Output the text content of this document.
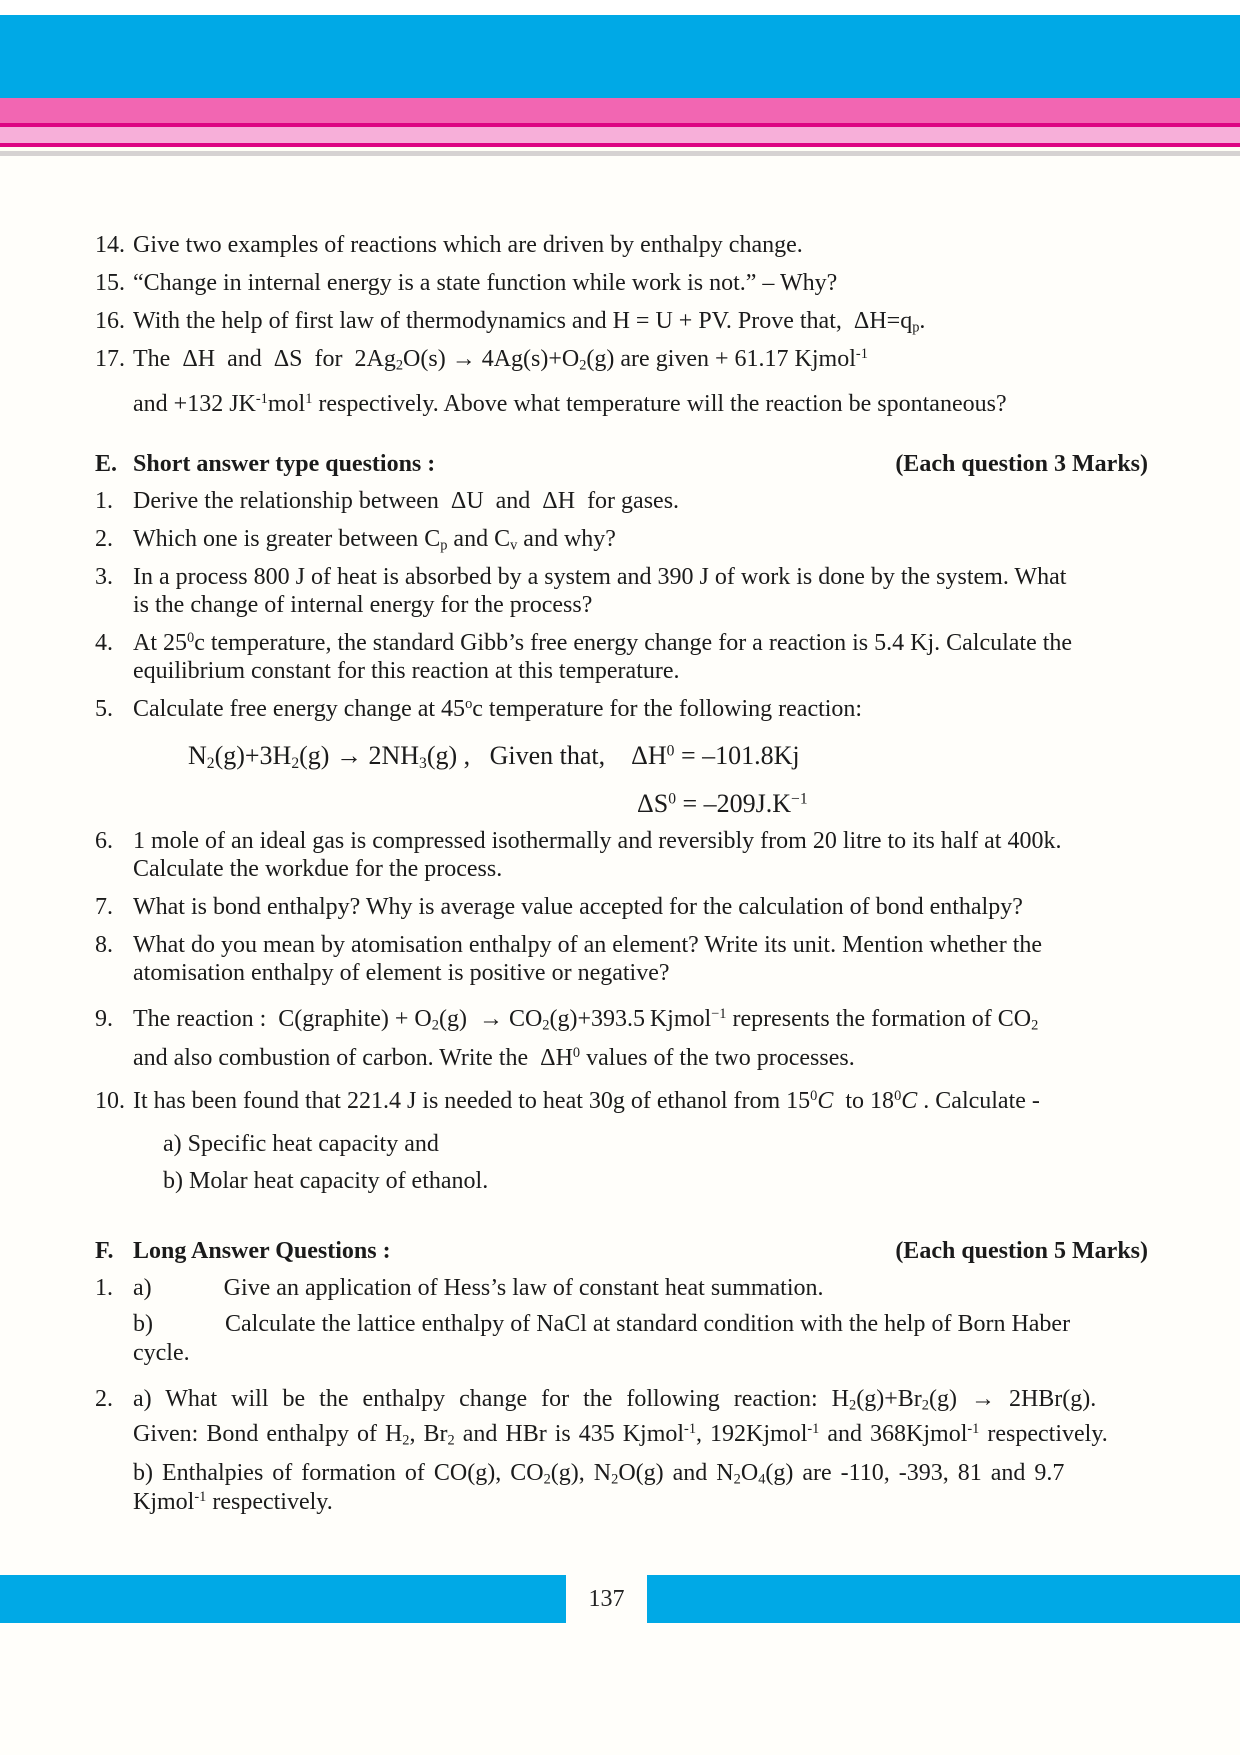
14. Give two examples of reactions which are driven by enthalpy change.
15. “Change in internal energy is a state function while work is not.” – Why?
16. With the help of first law of thermodynamics and H = U + PV. Prove that,  $\Delta H=q_p$.
17. The  ΔH  and  ΔS  for  $2Ag_2O(s) \to 4Ag(s)+O_2(g)$ are given + 61.17 Kjmol$^{-1}$
and +132 $JK^{-1}mol^1$ respectively. Above what temperature will the reaction be spontaneous?
E. Short answer type questions :	(Each question 3 Marks)
1. Derive the relationship between  ΔU  and  ΔH  for gases.
2. Which one is greater between $C_p$ and $C_v$ and why?
3. In a process 800 J of heat is absorbed by a system and 390 J of work is done by the system. What
is the change of internal energy for the process?
4. At $25^0c$ temperature, the standard Gibb’s free energy change for a reaction is 5.4 Kj. Calculate the
equilibrium constant for this reaction at this temperature.
5. Calculate free energy change at 45$^o$c temperature for the following reaction:
$N_2(g)+3H_2(g) \to 2NH_3(g)$ ,   Given that,    $\Delta H^0 = -101.8Kj$
$\Delta S^0 = -209J.K^{-1}$
6. 1 mole of an ideal gas is compressed isothermally and reversibly from 20 litre to its half at 400k.
Calculate the workdue for the process.
7. What is bond enthalpy? Why is average value accepted for the calculation of bond enthalpy?
8. What do you mean by atomisation enthalpy of an element? Write its unit. Mention whether the
atomisation enthalpy of element is positive or negative?
9. The reaction :  C(graphite) + $O_2(g) \to CO_2(g)+393.5$ Kjmol$^{-1}$ represents the formation of $CO_2$
and also combustion of carbon. Write the  $\Delta H^0$ values of the two processes.
10. It has been found that 221.4 J is needed to heat 30g of ethanol from $15^0C$  to $18^0C$ . Calculate -
a) Specific heat capacity and
b) Molar heat capacity of ethanol.
F. Long Answer Questions :	(Each question 5 Marks)
1. a)	Give an application of Hess’s law of constant heat summation.
b)	Calculate the lattice enthalpy of NaCl at standard condition with the help of Born Haber
cycle.
2. a) What will be the enthalpy change for the following reaction: $H_2(g)+Br_2(g) \to 2HBr(g)$.
Given: Bond enthalpy of $H_2$, $Br_2$ and HBr is 435 Kjmol$^{-1}$, 192Kjmol$^{-1}$ and 368Kjmol$^{-1}$ respectively.
b) Enthalpies of formation of CO(g), $CO_2(g)$, $N_2O(g)$ and $N_2O_4(g)$ are -110, -393, 81 and 9.7
Kjmol$^{-1}$ respectively.
137
